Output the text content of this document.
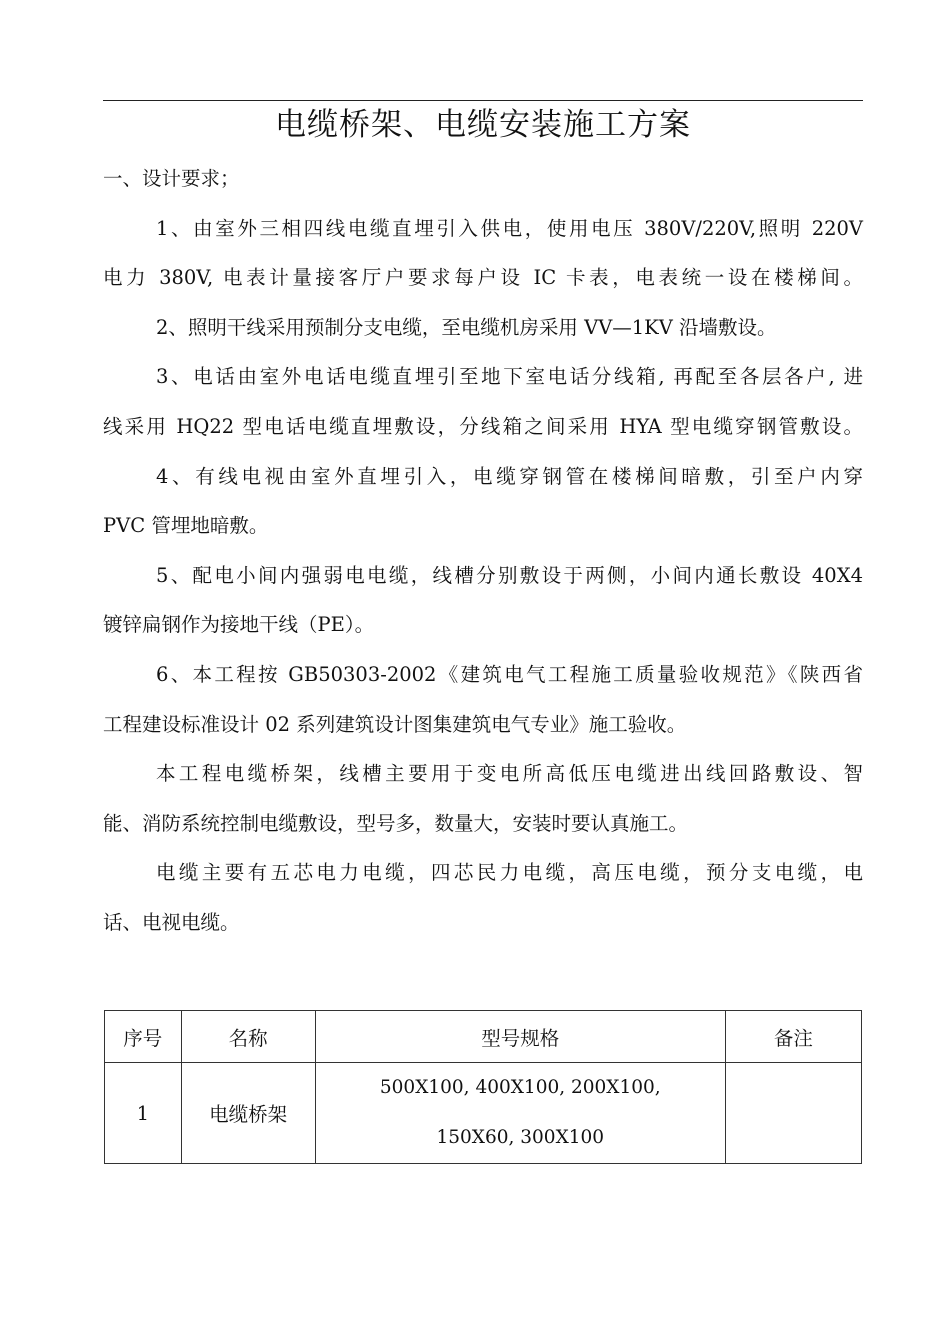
电缆桥架、电缆安装施工方案
一、设计要求；
1、由室外三相四线电缆直埋引入供电，使用电压 380V/220V,照明 220V
电力 380V, 电表计量接客厅户要求每户设 IC 卡表，电表统一设在楼梯间。
2、照明干线采用预制分支电缆，至电缆机房采用 VV—1KV 沿墙敷设。
3、电话由室外电话电缆直埋引至地下室电话分线箱, 再配至各层各户, 进
线采用 HQ22 型电话电缆直埋敷设，分线箱之间采用 HYA 型电缆穿钢管敷设。
4、有线电视由室外直埋引入，电缆穿钢管在楼梯间暗敷，引至户内穿
PVC 管埋地暗敷。
5、配电小间内强弱电电缆，线槽分别敷设于两侧，小间内通长敷设 40X4
镀锌扁钢作为接地干线（PE）。
6、本工程按 GB50303-2002《建筑电气工程施工质量验收规范》《陕西省
工程建设标准设计 02 系列建筑设计图集建筑电气专业》施工验收。
本工程电缆桥架，线槽主要用于变电所高低压电缆进出线回路敷设、智
能、消防系统控制电缆敷设，型号多，数量大，安装时要认真施工。
电缆主要有五芯电力电缆，四芯民力电缆，高压电缆，预分支电缆，电
话、电视电缆。
序号	名称	型号规格	备注
1	电缆桥架	500X100, 400X100, 200X100,
150X60, 300X100	
